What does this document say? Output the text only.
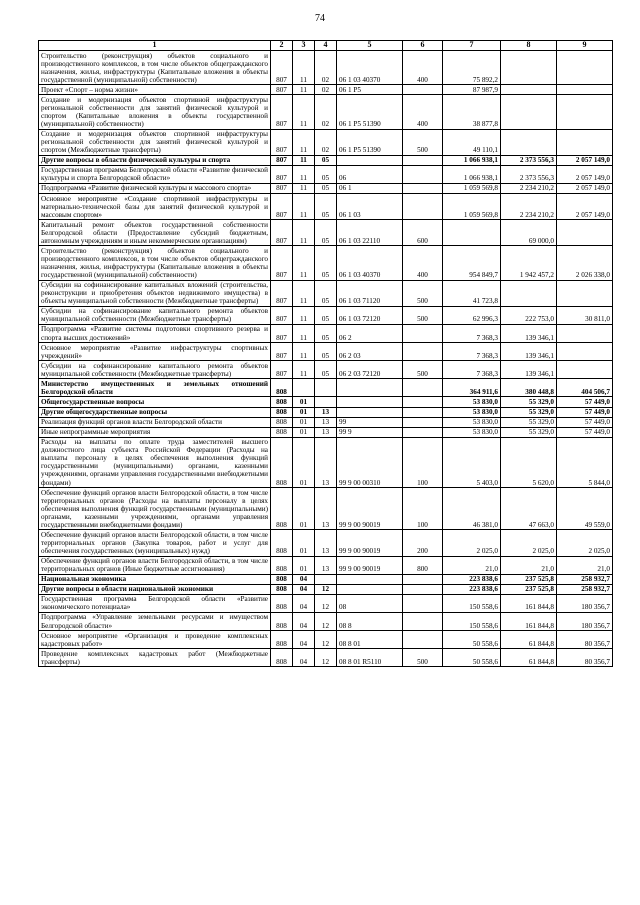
74
1	2	3	4	5	6	7	8	9
Строительство (реконструкция) объектов социального и производственного комплексов, в том числе объектов общегражданского назначения, жилья, инфраструктуры (Капитальные вложения в объекты государственной (муниципальной) собственности)	807	11	02	06 1 03 40370	400	75 892,2		
Проект «Спорт – норма жизни»	807	11	02	06 1 P5		87 987,9		
Создание и модернизация объектов спортивной инфраструктуры региональной собственности для занятий физической культурой и спортом (Капитальные вложения в объекты государственной (муниципальной) собственности)	807	11	02	06 1 P5 51390	400	38 877,8		
Создание и модернизация объектов спортивной инфраструктуры региональной собственности для занятий физической культурой и спортом (Межбюджетные трансферты)	807	11	02	06 1 P5 51390	500	49 110,1		
Другие вопросы в области физической культуры и спорта	807	11	05			1 066 938,1	2 373 556,3	2 057 149,0
Государственная программа Белгородской области «Развитие физической культуры и спорта Белгородской области»	807	11	05	06		1 066 938,1	2 373 556,3	2 057 149,0
Подпрограмма «Развитие физической культуры и массового спорта»	807	11	05	06 1		1 059 569,8	2 234 210,2	2 057 149,0
Основное мероприятие «Создание спортивной инфраструктуры и материально-технической базы для занятий физической культурой и массовым спортом»	807	11	05	06 1 03		1 059 569,8	2 234 210,2	2 057 149,0
Капитальный ремонт объектов государственной собственности Белгородской области (Предоставление субсидий бюджетным, автономным учреждениям и иным некоммерческим организациям)	807	11	05	06 1 03 22110	600		69 000,0	
Строительство (реконструкция) объектов социального и производственного комплексов, в том числе объектов общегражданского назначения, жилья, инфраструктуры (Капитальные вложения в объекты государственной (муниципальной) собственности)	807	11	05	06 1 03 40370	400	954 849,7	1 942 457,2	2 026 338,0
Субсидии на софинансирование капитальных вложений (строительства, реконструкции и приобретения объектов недвижимого имущества) в объекты муниципальной собственности (Межбюджетные трансферты)	807	11	05	06 1 03 71120	500	41 723,8		
Субсидии на софинансирование капитального ремонта объектов муниципальной собственности (Межбюджетные трансферты)	807	11	05	06 1 03 72120	500	62 996,3	222 753,0	30 811,0
Подпрограмма «Развитие системы подготовки спортивного резерва и спорта высших достижений»	807	11	05	06 2		7 368,3	139 346,1	
Основное мероприятие «Развитие инфраструктуры спортивных учреждений»	807	11	05	06 2 03		7 368,3	139 346,1	
Субсидии на софинансирование капитального ремонта объектов муниципальной собственности (Межбюджетные трансферты)	807	11	05	06 2 03 72120	500	7 368,3	139 346,1	
Министерство имущественных и земельных отношений Белгородской области	808					364 911,6	380 448,8	404 506,7
Общегосударственные вопросы	808	01				53 830,0	55 329,0	57 449,0
Другие общегосударственные вопросы	808	01	13			53 830,0	55 329,0	57 449,0
Реализация функций органов власти Белгородской области	808	01	13	99		53 830,0	55 329,0	57 449,0
Иные непрограммные мероприятия	808	01	13	99 9		53 830,0	55 329,0	57 449,0
Расходы на выплаты по оплате труда заместителей высшего должностного лица субъекта Российской Федерации (Расходы на выплаты персоналу в целях обеспечения выполнения функций государственными (муниципальными) органами, казенными учреждениями, органами управления государственными внебюджетными фондами)	808	01	13	99 9 00 00310	100	5 403,0	5 620,0	5 844,0
Обеспечение функций органов власти Белгородской области, в том числе территориальных органов (Расходы на выплаты персоналу в целях обеспечения выполнения функций государственными (муниципальными) органами, казенными учреждениями, органами управления государственными внебюджетными фондами)	808	01	13	99 9 00 90019	100	46 381,0	47 663,0	49 559,0
Обеспечение функций органов власти Белгородской области, в том числе территориальных органов (Закупка товаров, работ и услуг для обеспечения государственных (муниципальных) нужд)	808	01	13	99 9 00 90019	200	2 025,0	2 025,0	2 025,0
Обеспечение функций органов власти Белгородской области, в том числе территориальных органов (Иные бюджетные ассигнования)	808	01	13	99 9 00 90019	800	21,0	21,0	21,0
Национальная экономика	808	04				223 838,6	237 525,8	258 932,7
Другие вопросы в области национальной экономики	808	04	12			223 838,6	237 525,8	258 932,7
Государственная программа Белгородской области «Развитие экономического потенциала»	808	04	12	08		150 558,6	161 844,8	180 356,7
Подпрограмма «Управление земельными ресурсами и имуществом Белгородской области»	808	04	12	08 8		150 558,6	161 844,8	180 356,7
Основное мероприятие «Организация и проведение комплексных кадастровых работ»	808	04	12	08 8 01		50 558,6	61 844,8	80 356,7
Проведение комплексных кадастровых работ (Межбюджетные трансферты)	808	04	12	08 8 01 R5110	500	50 558,6	61 844,8	80 356,7
